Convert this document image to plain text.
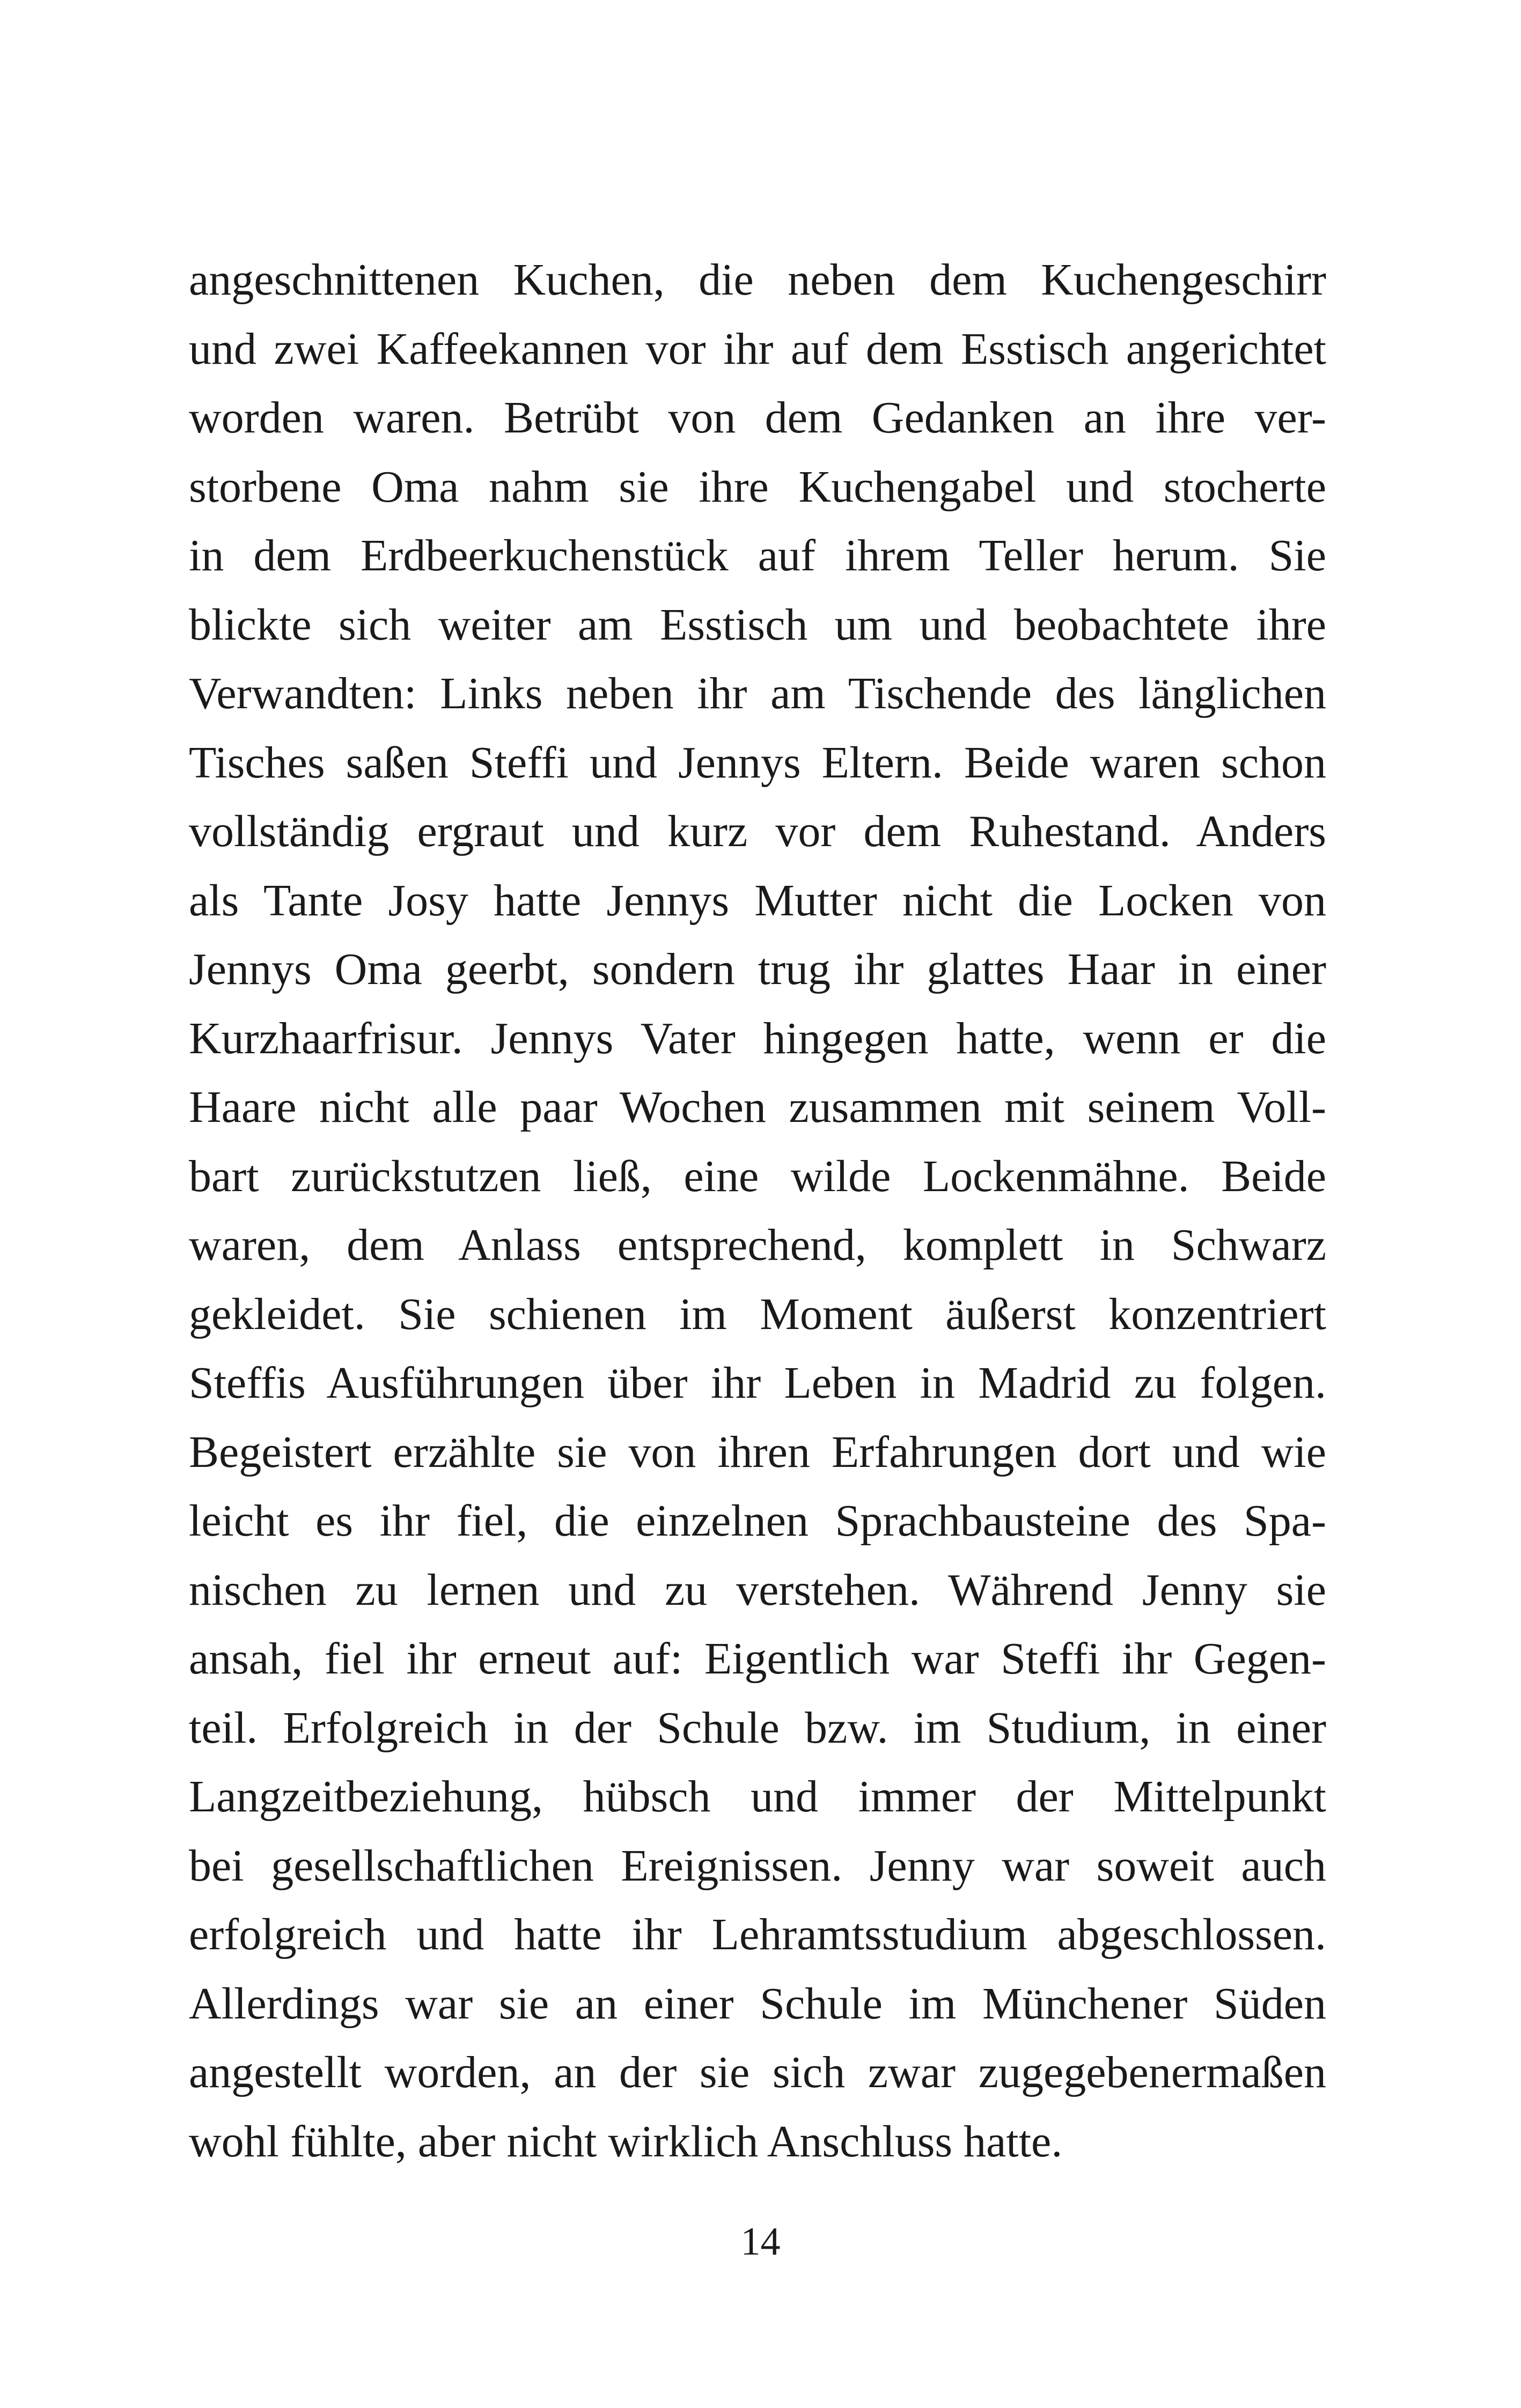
angeschnittenen Kuchen, die neben dem Kuchengeschirr
und zwei Kaffeekannen vor ihr auf dem Esstisch angerichtet
worden waren. Betrübt von dem Gedanken an ihre ver-
storbene Oma nahm sie ihre Kuchengabel und stocherte
in dem Erdbeerkuchenstück auf ihrem Teller herum. Sie
blickte sich weiter am Esstisch um und beobachtete ihre
Verwandten: Links neben ihr am Tischende des länglichen
Tisches saßen Steffi und Jennys Eltern. Beide waren schon
vollständig ergraut und kurz vor dem Ruhestand. Anders
als Tante Josy hatte Jennys Mutter nicht die Locken von
Jennys Oma geerbt, sondern trug ihr glattes Haar in einer
Kurzhaarfrisur. Jennys Vater hingegen hatte, wenn er die
Haare nicht alle paar Wochen zusammen mit seinem Voll-
bart zurückstutzen ließ, eine wilde Lockenmähne. Beide
waren, dem Anlass entsprechend, komplett in Schwarz
gekleidet. Sie schienen im Moment äußerst konzentriert
Steffis Ausführungen über ihr Leben in Madrid zu folgen.
Begeistert erzählte sie von ihren Erfahrungen dort und wie
leicht es ihr fiel, die einzelnen Sprachbausteine des Spa-
nischen zu lernen und zu verstehen. Während Jenny sie
ansah, fiel ihr erneut auf: Eigentlich war Steffi ihr Gegen-
teil. Erfolgreich in der Schule bzw. im Studium, in einer
Langzeitbeziehung, hübsch und immer der Mittelpunkt
bei gesellschaftlichen Ereignissen. Jenny war soweit auch
erfolgreich und hatte ihr Lehramtsstudium abgeschlossen.
Allerdings war sie an einer Schule im Münchener Süden
angestellt worden, an der sie sich zwar zugegebenermaßen
wohl fühlte, aber nicht wirklich Anschluss hatte.
14
